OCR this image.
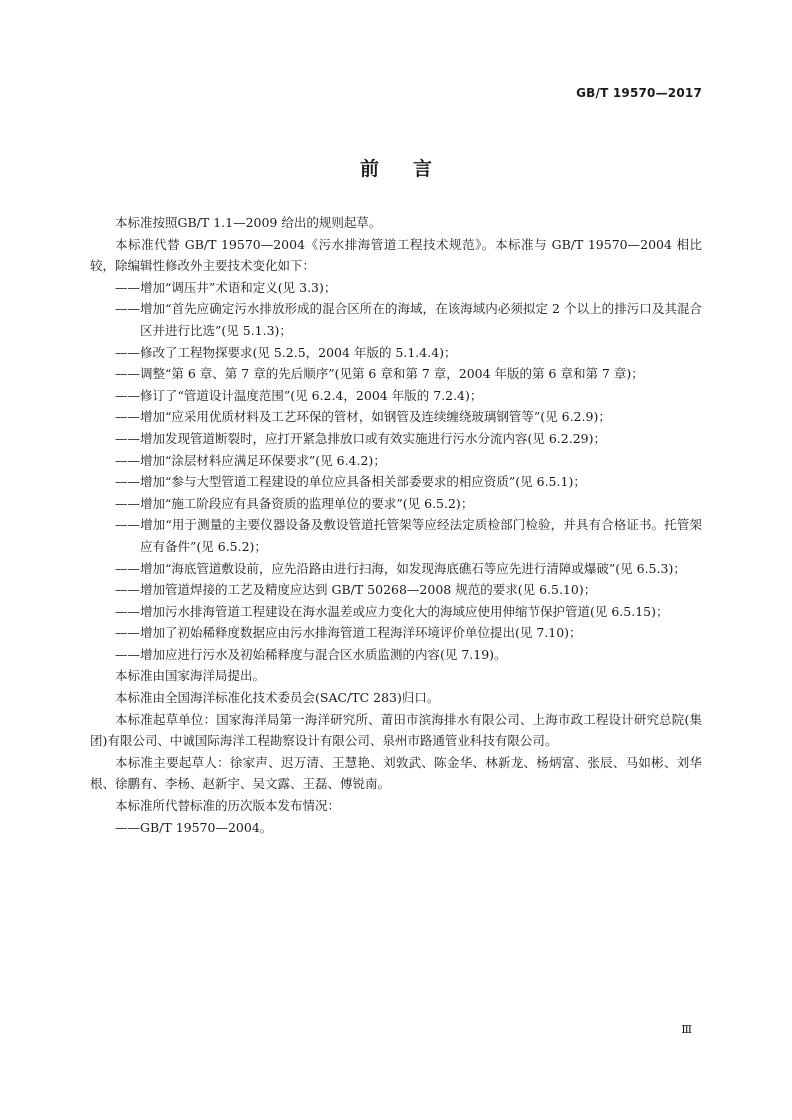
GB/T 19570—2017
前言

本标准按照GB/T 1.1—2009 给出的规则起草。

本标准代替 GB/T 19570—2004《污水排海管道工程技术规范》。本标准与 GB/T 19570—2004 相比较，除编辑性修改外主要技术变化如下：

——增加“调压井”术语和定义(见 3.3)；

——增加“首先应确定污水排放形成的混合区所在的海域，在该海域内必须拟定 2 个以上的排污口及其混合区并进行比选”(见 5.1.3)；

——修改了工程物探要求(见 5.2.5，2004 年版的 5.1.4.4)；

——调整“第 6 章、第 7 章的先后顺序”(见第 6 章和第 7 章，2004 年版的第 6 章和第 7 章)；

——修订了“管道设计温度范围”(见 6.2.4，2004 年版的 7.2.4)；

——增加“应采用优质材料及工艺环保的管材，如钢管及连续缠绕玻璃钢管等”(见 6.2.9)；

——增加发现管道断裂时，应打开紧急排放口或有效实施进行污水分流内容(见 6.2.29)；

——增加“涂层材料应满足环保要求”(见 6.4.2)；

——增加“参与大型管道工程建设的单位应具备相关部委要求的相应资质”(见 6.5.1)；

——增加“施工阶段应有具备资质的监理单位的要求”(见 6.5.2)；

——增加“用于测量的主要仪器设备及敷设管道托管架等应经法定质检部门检验，并具有合格证书。托管架应有备件”(见 6.5.2)；

——增加“海底管道敷设前，应先沿路由进行扫海，如发现海底礁石等应先进行清障或爆破”(见 6.5.3)；

——增加管道焊接的工艺及精度应达到 GB/T 50268—2008 规范的要求(见 6.5.10)；

——增加污水排海管道工程建设在海水温差或应力变化大的海域应使用伸缩节保护管道(见 6.5.15)；

——增加了初始稀释度数据应由污水排海管道工程海洋环境评价单位提出(见 7.10)；

——增加应进行污水及初始稀释度与混合区水质监测的内容(见 7.19)。

本标准由国家海洋局提出。

本标准由全国海洋标准化技术委员会(SAC/TC 283)归口。

本标准起草单位：国家海洋局第一海洋研究所、莆田市滨海排水有限公司、上海市政工程设计研究总院(集团)有限公司、中诚国际海洋工程勘察设计有限公司、泉州市路通管业科技有限公司。

本标准主要起草人：徐家声、迟万清、王慧艳、刘敦武、陈金华、林新龙、杨炳富、张辰、马如彬、刘华根、徐鹏有、李杨、赵新宇、吴文露、王磊、傅锐南。

本标准所代替标准的历次版本发布情况：

——GB/T 19570—2004。

Ⅲ
